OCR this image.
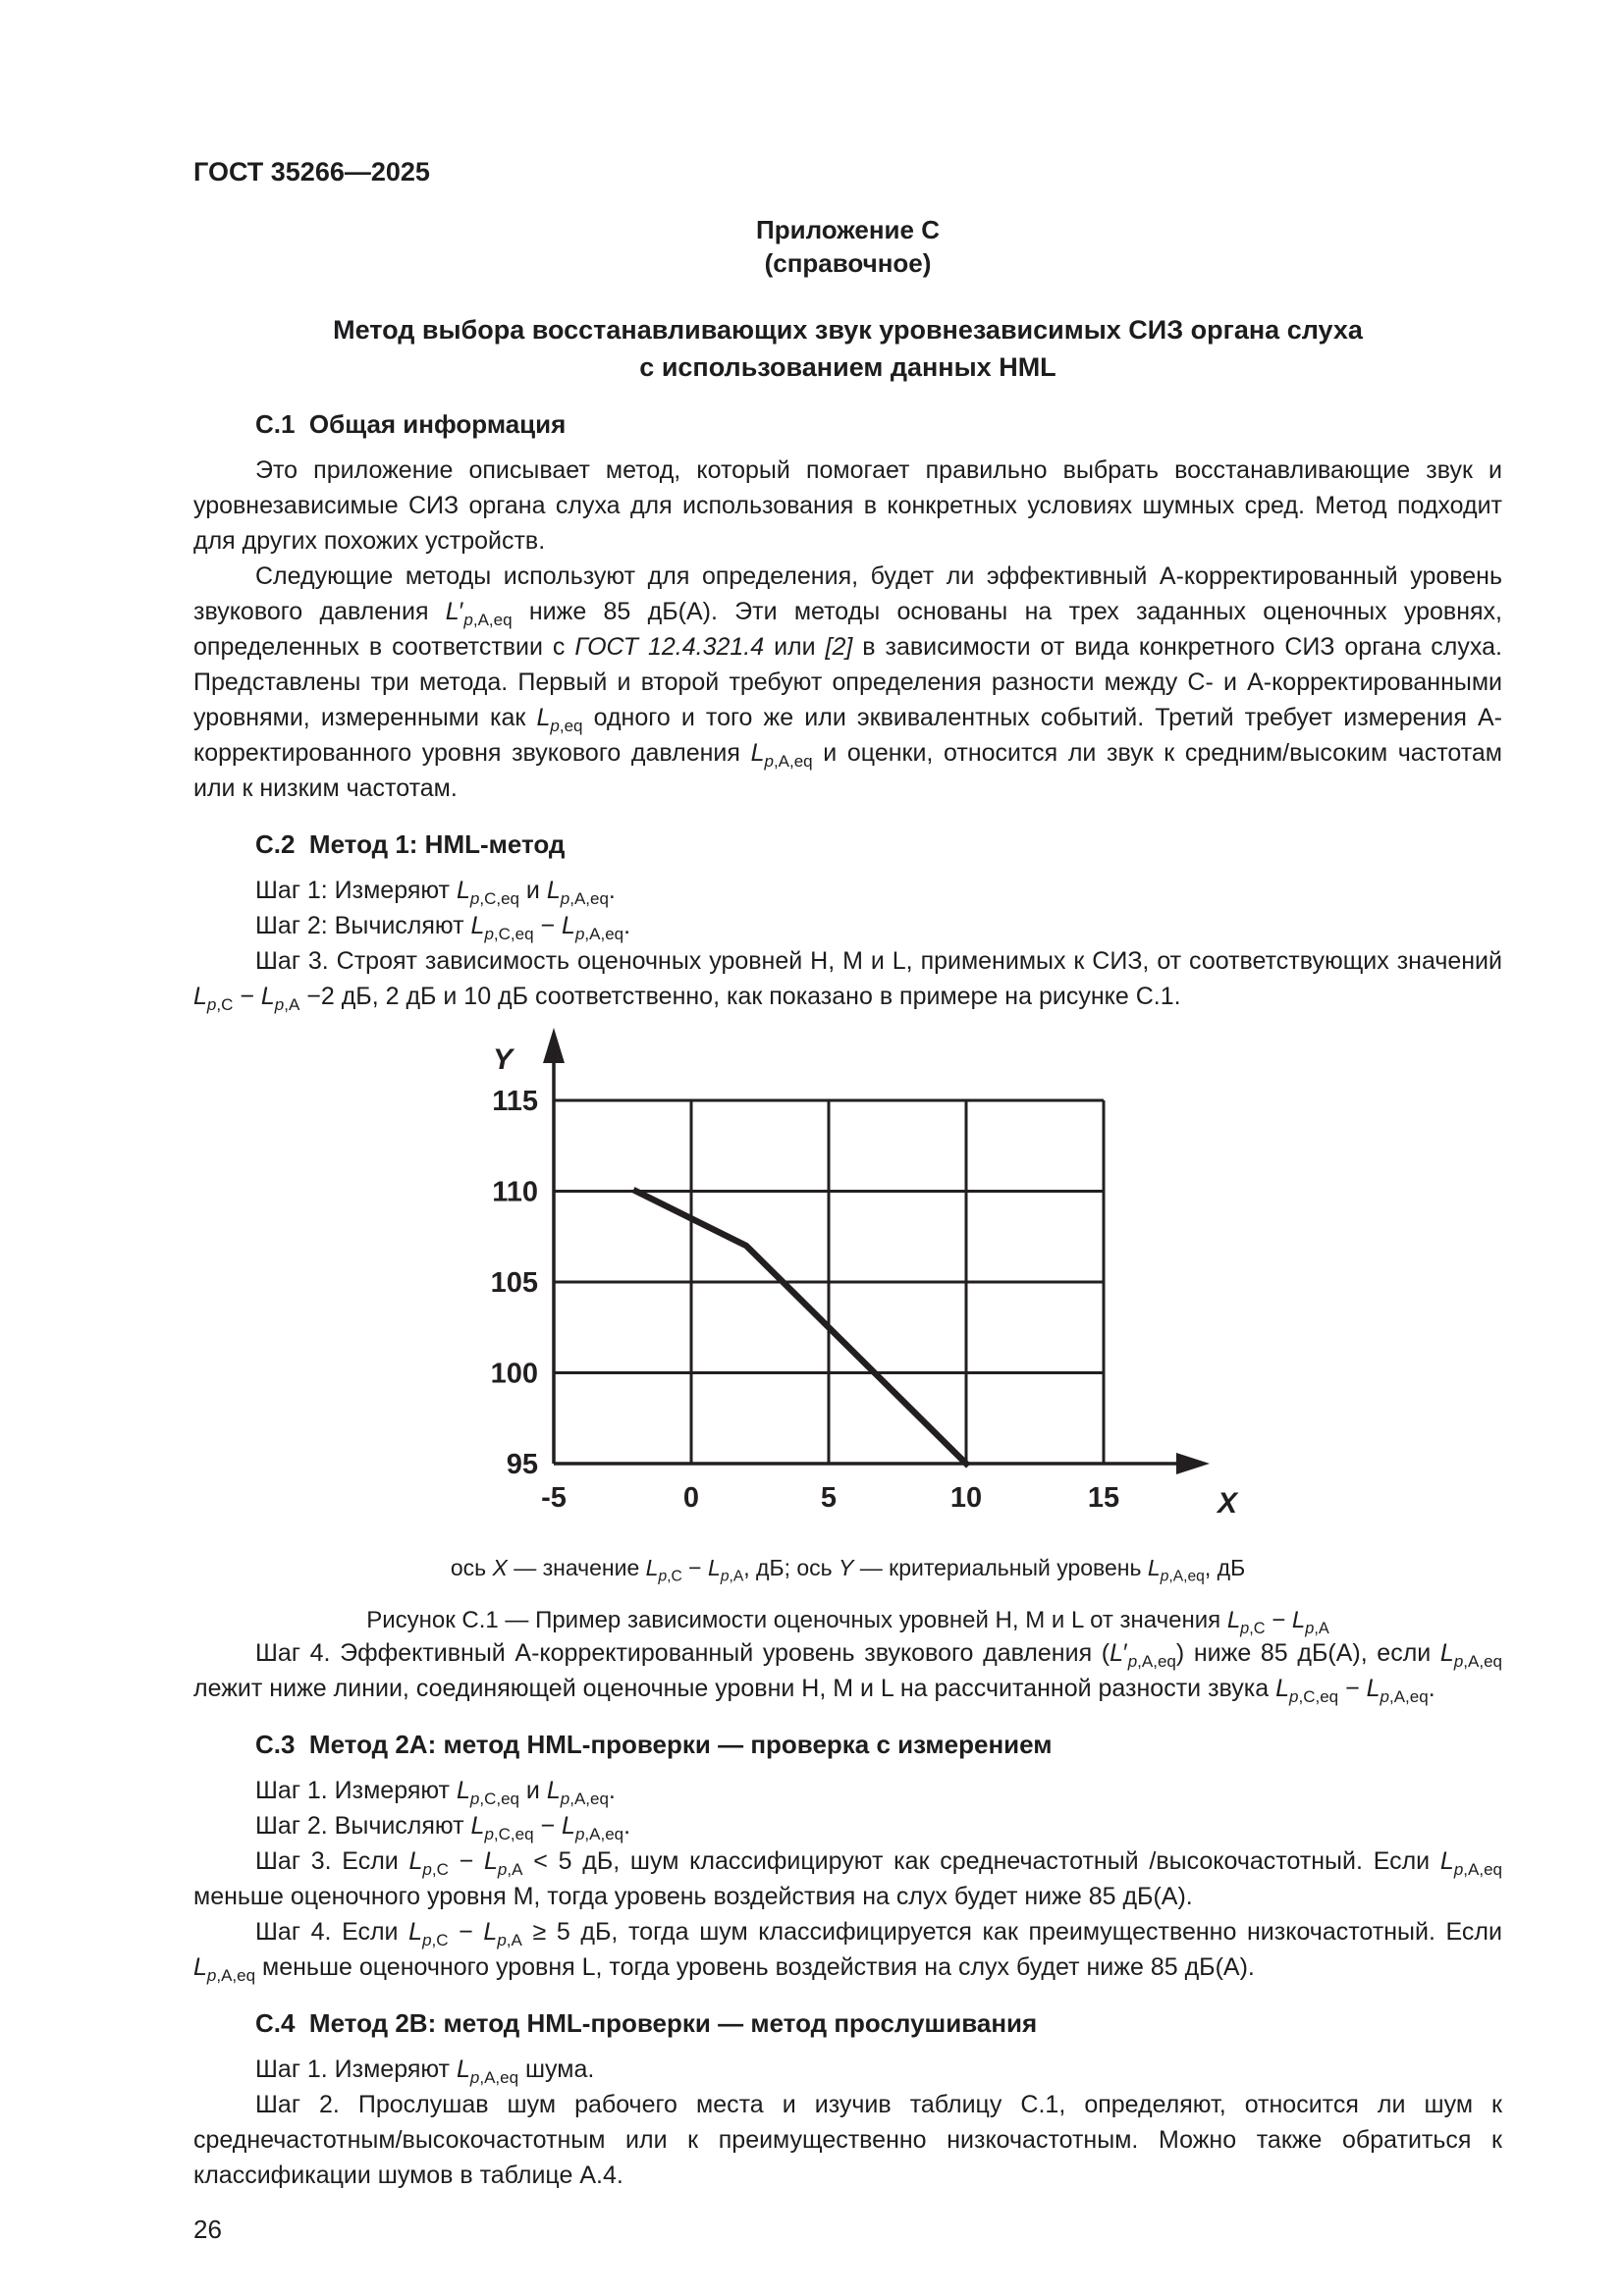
ГОСТ 35266—2025
Приложение С
(справочное)
Метод выбора восстанавливающих звук уровнезависимых СИЗ органа слуха
с использованием данных HML
С.1  Общая информация

Это приложение описывает метод, который помогает правильно выбрать восстанавливающие звук и уровнезависимые СИЗ органа слуха для использования в конкретных условиях шумных сред. Метод подходит для других похожих устройств.

Следующие методы используют для определения, будет ли эффективный А-корректированный уровень звукового давления $L'_{p,A,eq}$ ниже 85 дБ(А). Эти методы основаны на трех заданных оценочных уровнях, определенных в соответствии с ГОСТ 12.4.321.4 или [2] в зависимости от вида конкретного СИЗ органа слуха. Представлены три метода. Первый и второй требуют определения разности между С- и А-корректированными уровнями, измеренными как $L_{p,eq}$ одного и того же или эквивалентных событий. Третий требует измерения А-корректированного уровня звукового давления $L_{p,A,eq}$ и оценки, относится ли звук к средним/высоким частотам или к низким частотам.

С.2  Метод 1: HML-метод

Шаг 1: Измеряют $L_{p,C,eq}$ и $L_{p,A,eq}$.

Шаг 2: Вычисляют $L_{p,C,eq} - L_{p,A,eq}$.

Шаг 3. Строят зависимость оценочных уровней H, M и L, применимых к СИЗ, от соответствующих значений $L_{p,C} - L_{p,A} -2$ дБ, 2 дБ и 10 дБ соответственно, как показано в примере на рисунке С.1.

95
100
105
110
115
-5	0	5	10	15
Y
X
ось X — значение $L_{p,C} - L_{p,A}$, дБ; ось Y — критериальный уровень $L_{p,A,eq}$, дБ
Рисунок С.1 — Пример зависимости оценочных уровней H, M и L от значения $L_{p,C} - L_{p,A}$

Шаг 4. Эффективный А-корректированный уровень звукового давления $(L'_{p,A,eq})$ ниже 85 дБ(А), если $L_{p,A,eq}$ лежит ниже линии, соединяющей оценочные уровни H, M и L на рассчитанной разности звука $L_{p,C,eq} - L_{p,A,eq}$.

С.3  Метод 2А: метод HML-проверки — проверка с измерением

Шаг 1. Измеряют $L_{p,C,eq}$ и $L_{p,A,eq}$.

Шаг 2. Вычисляют $L_{p,C,eq} - L_{p,A,eq}$.

Шаг 3. Если $L_{p,C} - L_{p,A} < 5$ дБ, шум классифицируют как среднечастотный /высокочастотный. Если $L_{p,A,eq}$ меньше оценочного уровня М, тогда уровень воздействия на слух будет ниже 85 дБ(А).

Шаг 4. Если $L_{p,C} - L_{p,A} \ge 5$ дБ, тогда шум классифицируется как преимущественно низкочастотный. Если $L_{p,A,eq}$ меньше оценочного уровня L, тогда уровень воздействия на слух будет ниже 85 дБ(А).

С.4  Метод 2В: метод HML-проверки — метод прослушивания

Шаг 1. Измеряют $L_{p,A,eq}$ шума.

Шаг 2. Прослушав шум рабочего места и изучив таблицу С.1, определяют, относится ли шум к среднечастотным/высокочастотным или к преимущественно низкочастотным. Можно также обратиться к классификации шумов в таблице А.4.

26
